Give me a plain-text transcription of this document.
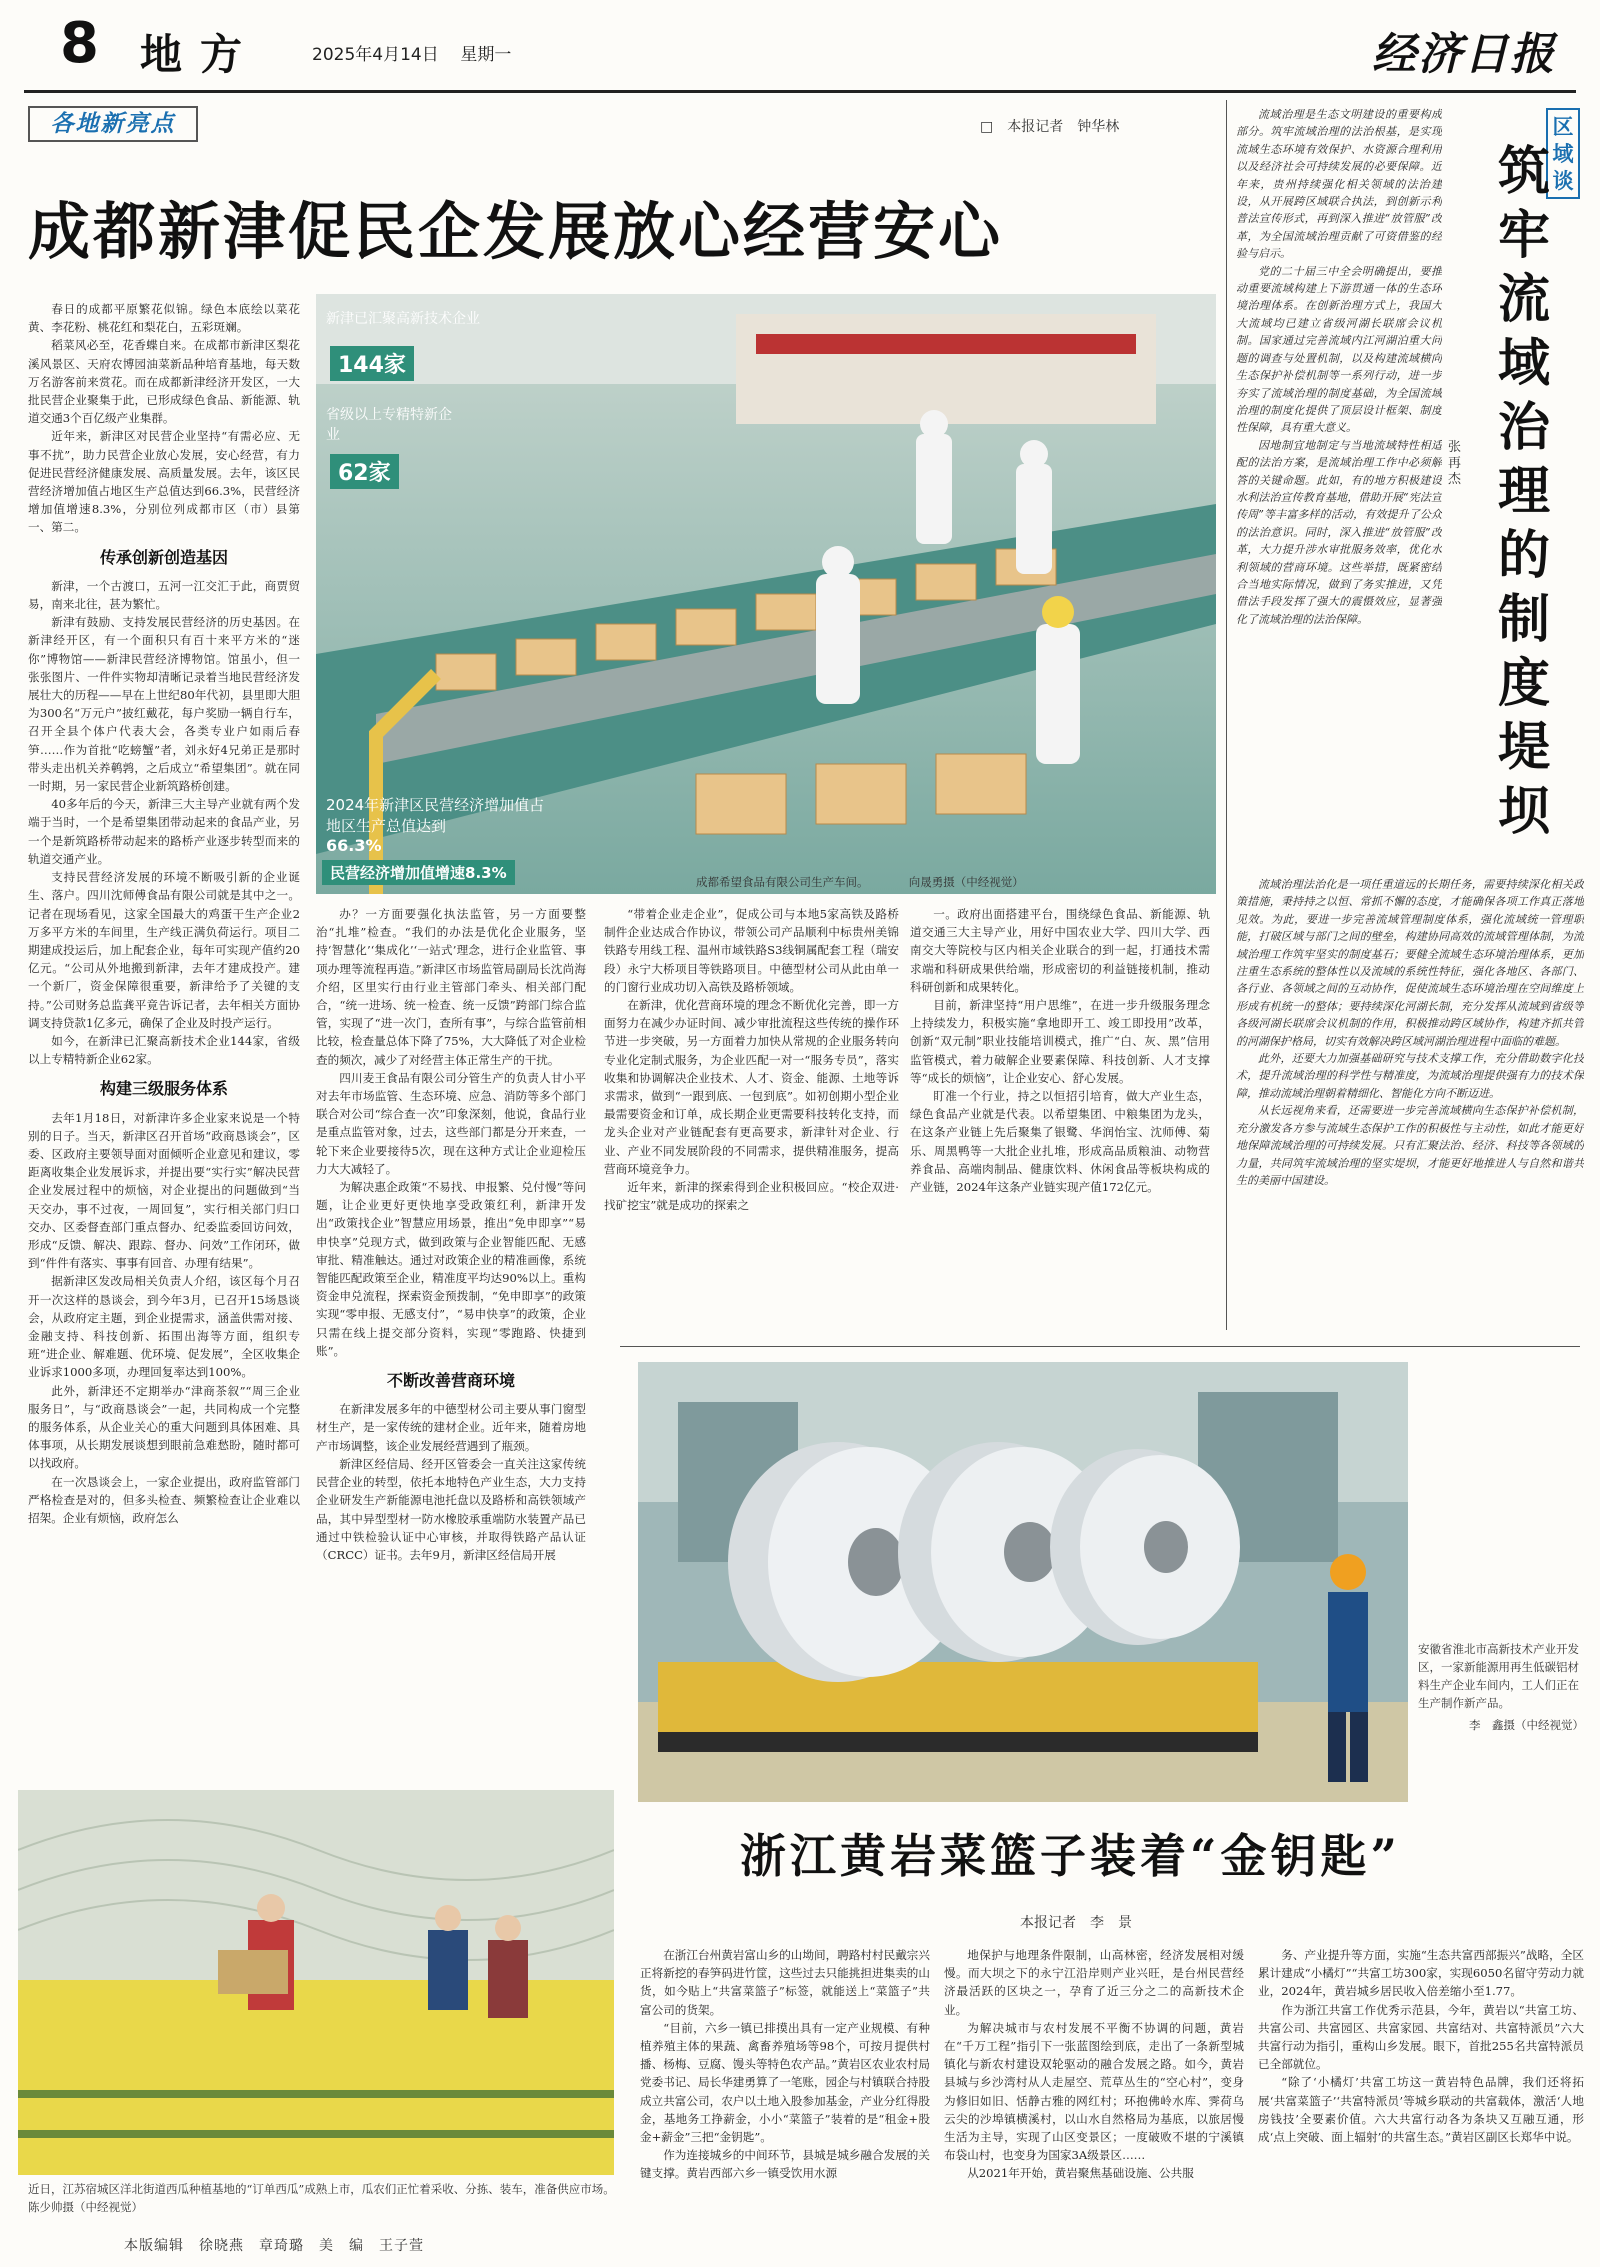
8 地方	2025年4月14日 星期一	经济日报
各地新亮点	□　 本报记者　钟华林
成都新津促民企发展放心经营安心
新津已汇聚高新技术企业
144家
省级以上专精特新企业
62家
2024年新津区民营经济增加值占地区生产总值达到
66.3%
民营经济增加值增速8.3%	成都希望食品有限公司生产车间。　　　　	向晟勇摄（中经视觉）

春日的成都平原繁花似锦。绿色本底绘以菜花黄、李花粉、桃花红和梨花白，五彩斑斓。

稻菜风必至，花香蝶自来。在成都市新津区梨花溪风景区、天府农博园油菜新品种培育基地，每天数万名游客前来赏花。而在成都新津经济开发区，一大批民营企业聚集于此，已形成绿色食品、新能源、轨道交通3个百亿级产业集群。

近年来，新津区对民营企业坚持“有需必应、无事不扰”，助力民营企业放心发展，安心经营，有力促进民营经济健康发展、高质量发展。去年，该区民营经济增加值占地区生产总值达到66.3%，民营经济增加值增速8.3%，分别位列成都市区（市）县第一、第二。

传承创新创造基因

新津，一个古渡口，五河一江交汇于此，商贾贸易，南来北往，甚为繁忙。

新津有鼓励、支持发展民营经济的历史基因。在新津经开区，有一个面积只有百十来平方米的“迷你”博物馆——新津民营经济博物馆。馆虽小，但一张张图片、一件件实物却清晰记录着当地民营经济发展壮大的历程——早在上世纪80年代初，县里即大胆为300名“万元户”披红戴花，每户奖励一辆自行车，召开全县个体户代表大会，各类专业户如雨后春笋……作为首批“吃螃蟹”者，刘永好4兄弟正是那时带头走出机关养鹌鹑，之后成立“希望集团”。就在同一时期，另一家民营企业新筑路桥创建。

40多年后的今天，新津三大主导产业就有两个发端于当时，一个是希望集团带动起来的食品产业，另一个是新筑路桥带动起来的路桥产业逐步转型而来的轨道交通产业。

支持民营经济发展的环境不断吸引新的企业诞生、落户。四川沈师傅食品有限公司就是其中之一。记者在现场看见，这家全国最大的鸡蛋干生产企业2万多平方米的车间里，生产线正满负荷运行。项目二期建成投运后，加上配套企业，每年可实现产值约20亿元。“公司从外地搬到新津，去年才建成投产。建一个新厂，资金保障很重要，新津给予了关键的支持。”公司财务总监龚平竟告诉记者，去年相关方面协调支持贷款1亿多元，确保了企业及时投产运行。

如今，在新津已汇聚高新技术企业144家，省级以上专精特新企业62家。

构建三级服务体系

去年1月18日，对新津许多企业家来说是一个特别的日子。当天，新津区召开首场“政商恳谈会”，区委、区政府主要领导面对面倾听企业意见和建议，零距离收集企业发展诉求，并提出要“实行实”解决民营企业发展过程中的烦恼，对企业提出的问题做到“当天交办，事不过夜，一周回复”，实行相关部门归口交办、区委督查部门重点督办、纪委监委回访问效，形成“反馈、解决、跟踪、督办、问效”工作闭环，做到“件件有落实、事事有回音、办理有结果”。

据新津区发改局相关负责人介绍，该区每个月召开一次这样的恳谈会，到今年3月，已召开15场恳谈会，从政府定主题，到企业提需求，涵盖供需对接、金融支持、科技创新、拓围出海等方面，组织专班“进企业、解难题、优环境、促发展”，全区收集企业诉求1000多项，办理回复率达到100%。

此外，新津还不定期举办“津商茶叙”“周三企业服务日”，与“政商恳谈会”一起，共同构成一个完整的服务体系，从企业关心的重大问题到具体困难、具体事项，从长期发展谈想到眼前急难愁盼，随时都可以找政府。

在一次恳谈会上，一家企业提出，政府监管部门严格检查是对的，但多头检查、频繁检查让企业难以招架。企业有烦恼，政府怎么

办？一方面要强化执法监管，另一方面要整治“扎堆”检查。“我们的办法是优化企业服务，坚持‘智慧化’‘集成化’‘一站式’理念，进行企业监管、事项办理等流程再造。”新津区市场监管局副局长沈尚海介绍，区里实行由行业主管部门牵头、相关部门配合，“统一进场、统一检查、统一反馈”跨部门综合监管，实现了“进一次门，查所有事”，与综合监管前相比较，检查量总体下降了75%，大大降低了对企业检查的频次，减少了对经营主体正常生产的干扰。

四川麦王食品有限公司分管生产的负责人甘小平对去年市场监管、生态环境、应急、消防等多个部门联合对公司“综合查一次”印象深刻，他说，食品行业是重点监管对象，过去，这些部门都是分开来查，一轮下来企业要接待5次，现在这种方式让企业迎检压力大大减轻了。

为解决惠企政策“不易找、申报繁、兑付慢”等问题，让企业更好更快地享受政策红利，新津开发出“政策找企业”智慧应用场景，推出“免申即享”“易申快享”兑现方式，做到政策与企业智能匹配、无感审批、精准触达。通过对政策企业的精准画像，系统智能匹配政策至企业，精准度平均达90%以上。重构资金申兑流程，探索资金预拨制，“免申即享”的政策实现“零申报、无感支付”，“易申快享”的政策，企业只需在线上提交部分资料，实现“零跑路、快捷到账”。

不断改善营商环境

在新津发展多年的中德型材公司主要从事门窗型材生产，是一家传统的建材企业。近年来，随着房地产市场调整，该企业发展经营遇到了瓶颈。

新津区经信局、经开区管委会一直关注这家传统民营企业的转型，依托本地特色产业生态，大力支持企业研发生产新能源电池托盘以及路桥和高铁领域产品，其中异型型材一防水橡胶承重端防水装置产品已通过中铁检验认证中心审核，并取得铁路产品认证（CRCC）证书。去年9月，新津区经信局开展

“带着企业走企业”，促成公司与本地5家高铁及路桥制件企业达成合作协议，带领公司产品顺利中标贵州美锦铁路专用线工程、温州市域铁路S3线铜属配套工程（瑞安段）永宁大桥项目等铁路项目。中德型材公司从此由单一的门窗行业成功切入高铁及路桥领域。

在新津，优化营商环境的理念不断优化完善，即一方面努力在减少办证时间、减少审批流程这些传统的操作环节进一步突破，另一方面着力加快从常规的企业服务转向专业化定制式服务，为企业匹配一对一“服务专员”，落实收集和协调解决企业技术、人才、资金、能源、土地等诉求需求，做到“一跟到底、一包到底”。如初创期小型企业最需要资金和订单，成长期企业更需要科技转化支持，而龙头企业对产业链配套有更高要求，新津针对企业、行业、产业不同发展阶段的不同需求，提供精准服务，提高营商环境竞争力。

近年来，新津的探索得到企业积极回应。“校企双进·找矿挖宝”就是成功的探索之

一。政府出面搭建平台，围绕绿色食品、新能源、轨道交通三大主导产业，用好中国农业大学、四川大学、西南交大等院校与区内相关企业联合的到一起，打通技术需求端和科研成果供给端，形成密切的利益链接机制，推动科研创新和成果转化。

目前，新津坚持“用户思维”，在进一步升级服务理念上持续发力，积极实施“拿地即开工、竣工即投用”改革，创新“双元制”职业技能培训模式，推广“白、灰、黑”信用监管模式，着力破解企业要素保障、科技创新、人才支撑等“成长的烦恼”，让企业安心、舒心发展。

盯准一个行业，持之以恒招引培育，做大产业生态，绿色食品产业就是代表。以希望集团、中粮集团为龙头，在这条产业链上先后聚集了银鹭、华润怡宝、沈师傅、菊乐、周黑鸭等一大批企业扎堆，形成高品质粮油、动物营养食品、高端肉制品、健康饮料、休闲食品等板块构成的产业链，2024年这条产业链实现产值172亿元。

区域谈
筑牢流域治理的制度堤坝
张再杰

流域治理是生态文明建设的重要构成部分。筑牢流域治理的法治根基，是实现流域生态环境有效保护、水资源合理利用以及经济社会可持续发展的必要保障。近年来，贵州持续强化相关领域的法治建设，从开展跨区域联合执法，到创新示利普法宣传形式，再到深入推进“放管服”改革，为全国流域治理贡献了可资借鉴的经验与启示。

党的二十届三中全会明确提出，要推动重要流域构建上下游贯通一体的生态环境治理体系。在创新治理方式上，我国大大流域均已建立省级河湖长联席会议机制。国家通过完善流域内江河湖泊重大问题的调查与处置机制，以及构建流域横向生态保护补偿机制等一系列行动，进一步夯实了流域治理的制度基础，为全国流域治理的制度化提供了顶层设计框架、制度性保障，具有重大意义。

因地制宜地制定与当地流域特性相适配的法治方案，是流域治理工作中必须解答的关键命题。此如，有的地方积极建设水利法治宣传教育基地，借助开展“宪法宣传周”等丰富多样的活动，有效提升了公众的法治意识。同时，深入推进“放管服”改革，大力提升涉水审批服务效率，优化水利领域的营商环境。这些举措，既紧密结合当地实际情况，做到了务实推进，又凭借法手段发挥了强大的震慑效应，显著强化了流域治理的法治保障。

流域治理法治化是一项任重道远的长期任务，需要持续深化相关政策措施，秉持持之以恒、常抓不懈的态度，才能确保各项工作真正落地见效。为此，要进一步完善流域管理制度体系，强化流域统一管理职能，打破区域与部门之间的壁垒，构建协同高效的流域管理体制，为流域治理工作筑牢坚实的制度基石；要健全流域生态环境治理体系，更加注重生态系统的整体性以及流域的系统性特征，强化各地区、各部门、各行业、各领域之间的互动协作，促使流域生态环境治理在空间维度上形成有机统一的整体；要持续深化河湖长制，充分发挥从流域到省级等各级河湖长联席会议机制的作用，积极推动跨区域协作，构建齐抓共管的河湖保护格局，切实有效解决跨区域河湖治理进程中面临的难题。

此外，还要大力加强基础研究与技术支撑工作，充分借助数字化技术，提升流域治理的科学性与精准度，为流域治理提供强有力的技术保障，推动流域治理朝着精细化、智能化方向不断迈进。

从长远视角来看，还需要进一步完善流域横向生态保护补偿机制，充分激发各方参与流域生态保护工作的积极性与主动性，如此才能更好地保障流域治理的可持续发展。只有汇聚法治、经济、科技等各领域的力量，共同筑牢流域治理的坚实堤坝，才能更好地推进人与自然和谐共生的美丽中国建设。

安徽省淮北市高新技术产业开发区，一家新能源用再生低碳铝材料生产企业车间内，工人们正在生产制作新产品。

李　鑫摄（中经视觉）

近日，江苏宿城区洋北街道西瓜种植基地的“订单西瓜”成熟上市，瓜农们正忙着采收、分拣、装车，准备供应市场。　陈少帅摄（中经视觉）
浙江黄岩菜篮子装着“金钥匙”
本报记者　李　景

在浙江台州黄岩富山乡的山坳间，聘路村村民戴宗兴正将新挖的春笋码进竹筐，这些过去只能挑担进集卖的山货，如今贴上“共富菜篮子”标签，就能送上“菜篮子”共富公司的货架。

“目前，六乡一镇已排摸出具有一定产业规模、有种植养殖主体的果蔬、禽畜养殖场等98个，可按月提供村播、杨梅、豆腐、馒头等特色农产品。”黄岩区农业农村局党委书记、局长华建勇算了一笔账，园企与村镇联合持股成立共富公司，农户以土地入股参加基金，产业分红得股金，基地务工挣薪金，小小“菜篮子”装着的是“租金+股金+薪金”三把“金钥匙”。

作为连接城乡的中间环节，县城是城乡融合发展的关键支撑。黄岩西部六乡一镇受饮用水源

地保护与地理条件限制，山高林密，经济发展相对缓慢。而大坝之下的永宁江沿岸则产业兴旺，是台州民营经济最活跃的区块之一，孕育了近三分之二的高新技术企业。

为解决城市与农村发展不平衡不协调的问题，黄岩在“千万工程”指引下一张蓝图绘到底，走出了一条新型城镇化与新农村建设双轮驱动的融合发展之路。如今，黄岩县城与乡沙湾村从人走屋空、荒草丛生的“空心村”，变身为修旧如旧、恬静古雅的网红村；环抱佛岭水库、霁荷乌云尖的沙埠镇横溪村，以山水自然格局为基底，以旅居慢生活为主导，实现了山区变景区；一度破败不堪的宁溪镇布袋山村，也变身为国家3A级景区……

从2021年开始，黄岩聚焦基础设施、公共服

务、产业提升等方面，实施“生态共富西部振兴”战略，全区累计建成“小橘灯”“共富工坊300家，实现6050名留守劳动力就业，2024年，黄岩城乡居民收入倍差缩小至1.77。

作为浙江共富工作优秀示范县，今年，黄岩以“共富工坊、共富公司、共富园区、共富家园、共富结对、共富特派员”六大共富行动为指引，重构山乡发展。眼下，首批255名共富特派员已全部就位。

“除了‘小橘灯’共富工坊这一黄岩特色品牌，我们还将拓展‘共富菜篮子’‘共富特派员’等城乡联动的共富载体，激活‘人地房钱技’全要素价值。六大共富行动各为条块又互融互通，形成‘点上突破、面上辐射’的共富生态。”黄岩区副区长郑华中说。

本版编辑　徐晓燕　章琦璐　美　编　王子萱
